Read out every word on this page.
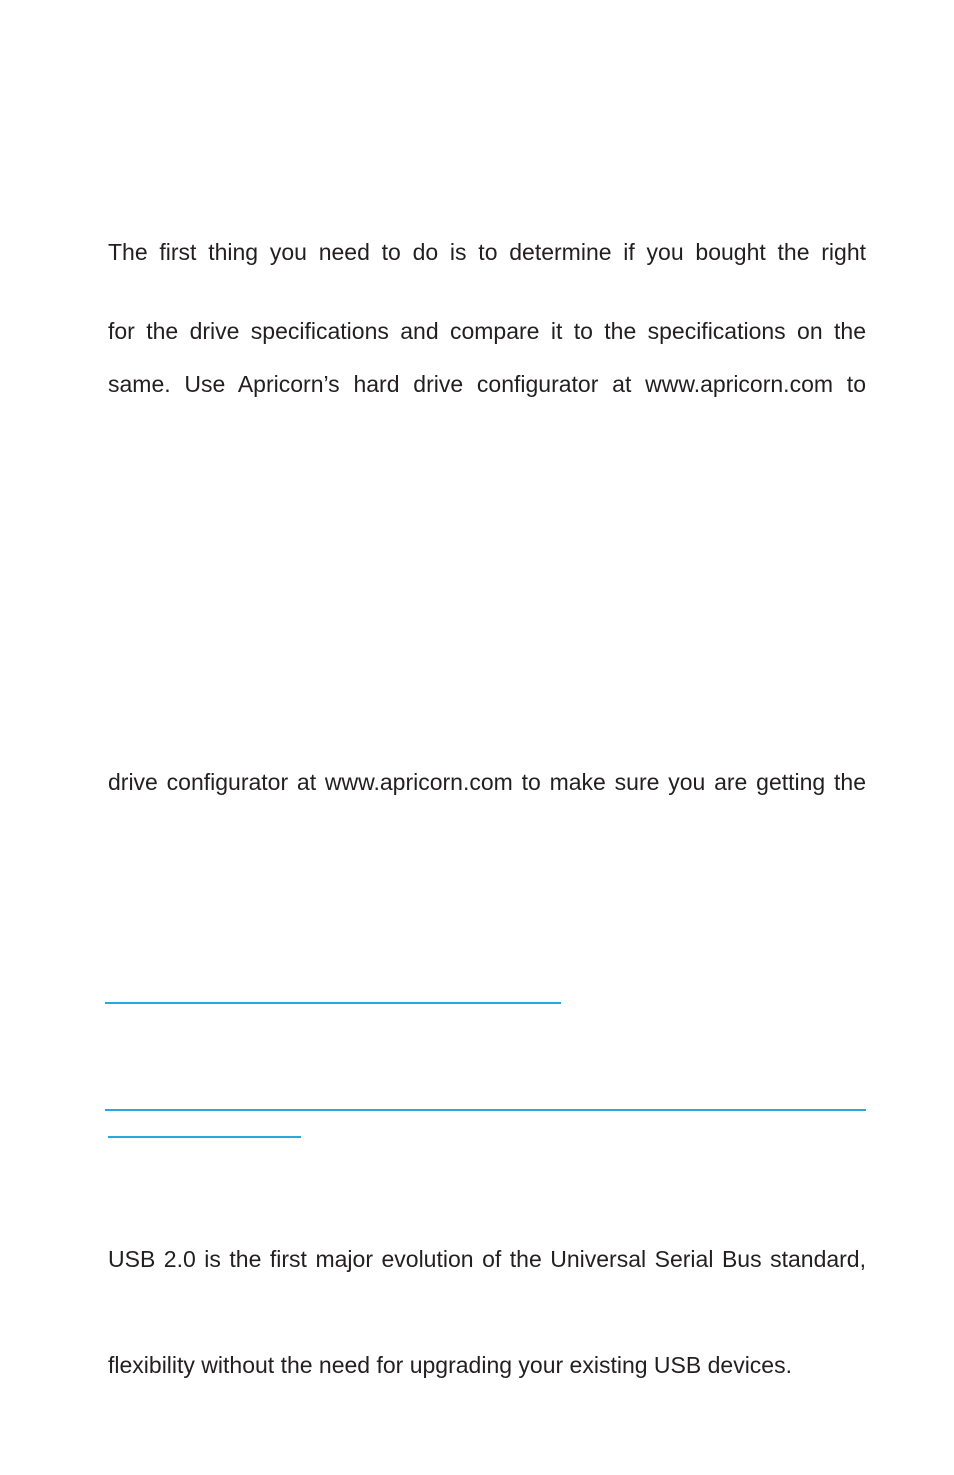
The first thing you need to do is to determine if you bought the right
for the drive specifications and compare it to the specifications on the
same. Use Apricorn’s hard drive configurator at www.apricorn.com to
drive configurator at www.apricorn.com to make sure you are getting the
USB 2.0 is the first major evolution of the Universal Serial Bus standard,
flexibility without the need for upgrading your existing USB devices.
